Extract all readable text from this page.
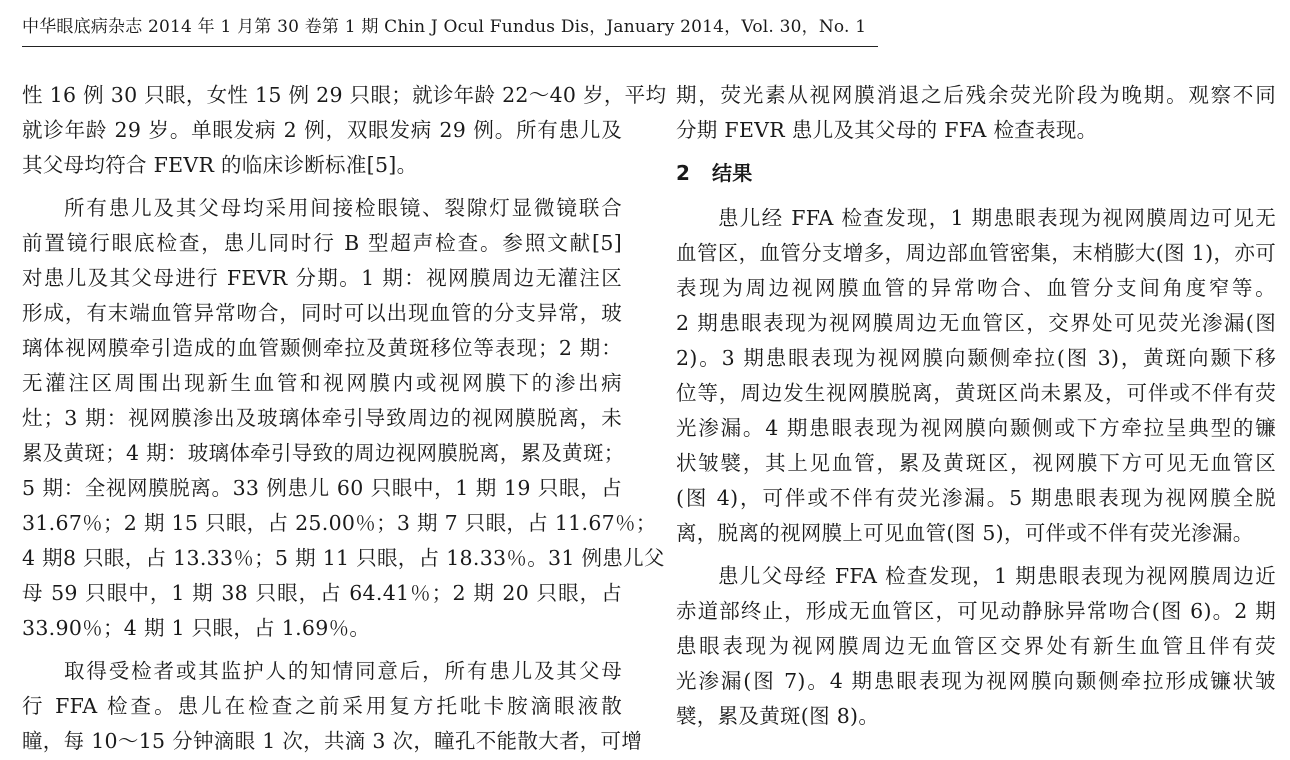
中华眼底病杂志 2014 年 1 月第 30 卷第 1 期 Chin J Ocul Fundus Dis，January 2014，Vol. 30，No. 1
性 16 例 30 只眼，女性 15 例 29 只眼；就诊年龄 22～40 岁，平均
就诊年龄 29 岁。单眼发病 2 例，双眼发病 29 例。所有患儿及
其父母均符合 FEVR 的临床诊断标准[5]。
所有患儿及其父母均采用间接检眼镜、裂隙灯显微镜联合
前置镜行眼底检查，患儿同时行 B 型超声检查。参照文献[5]
对患儿及其父母进行 FEVR 分期。1 期：视网膜周边无灌注区
形成，有末端血管异常吻合，同时可以出现血管的分支异常，玻
璃体视网膜牵引造成的血管颞侧牵拉及黄斑移位等表现；2 期：
无灌注区周围出现新生血管和视网膜内或视网膜下的渗出病
灶；3 期：视网膜渗出及玻璃体牵引导致周边的视网膜脱离，未
累及黄斑；4 期：玻璃体牵引导致的周边视网膜脱离，累及黄斑；
5 期：全视网膜脱离。33 例患儿 60 只眼中，1 期 19 只眼，占
31.67％；2 期 15 只眼，占 25.00％；3 期 7 只眼，占 11.67％；
4 期8 只眼，占 13.33％；5 期 11 只眼，占 18.33％。31 例患儿父
母 59 只眼中，1 期 38 只眼，占 64.41％；2 期 20 只眼，占
33.90％；4 期 1 只眼，占 1.69％。
取得受检者或其监护人的知情同意后，所有患儿及其父母
行 FFA 检查。患儿在检查之前采用复方托吡卡胺滴眼液散
瞳，每 10～15 分钟滴眼 1 次，共滴 3 次，瞳孔不能散大者，可增
期，荧光素从视网膜消退之后残余荧光阶段为晚期。观察不同
分期 FEVR 患儿及其父母的 FFA 检查表现。
2 结果
患儿经 FFA 检查发现，1 期患眼表现为视网膜周边可见无
血管区，血管分支增多，周边部血管密集，末梢膨大(图 1)，亦可
表现为周边视网膜血管的异常吻合、血管分支间角度窄等。
2 期患眼表现为视网膜周边无血管区，交界处可见荧光渗漏(图
2)。3 期患眼表现为视网膜向颞侧牵拉(图 3)，黄斑向颞下移
位等，周边发生视网膜脱离，黄斑区尚未累及，可伴或不伴有荧
光渗漏。4 期患眼表现为视网膜向颞侧或下方牵拉呈典型的镰
状皱襞，其上见血管，累及黄斑区，视网膜下方可见无血管区
(图 4)，可伴或不伴有荧光渗漏。5 期患眼表现为视网膜全脱
离，脱离的视网膜上可见血管(图 5)，可伴或不伴有荧光渗漏。
患儿父母经 FFA 检查发现，1 期患眼表现为视网膜周边近
赤道部终止，形成无血管区，可见动静脉异常吻合(图 6)。2 期
患眼表现为视网膜周边无血管区交界处有新生血管且伴有荧
光渗漏(图 7)。4 期患眼表现为视网膜向颞侧牵拉形成镰状皱
襞，累及黄斑(图 8)。
